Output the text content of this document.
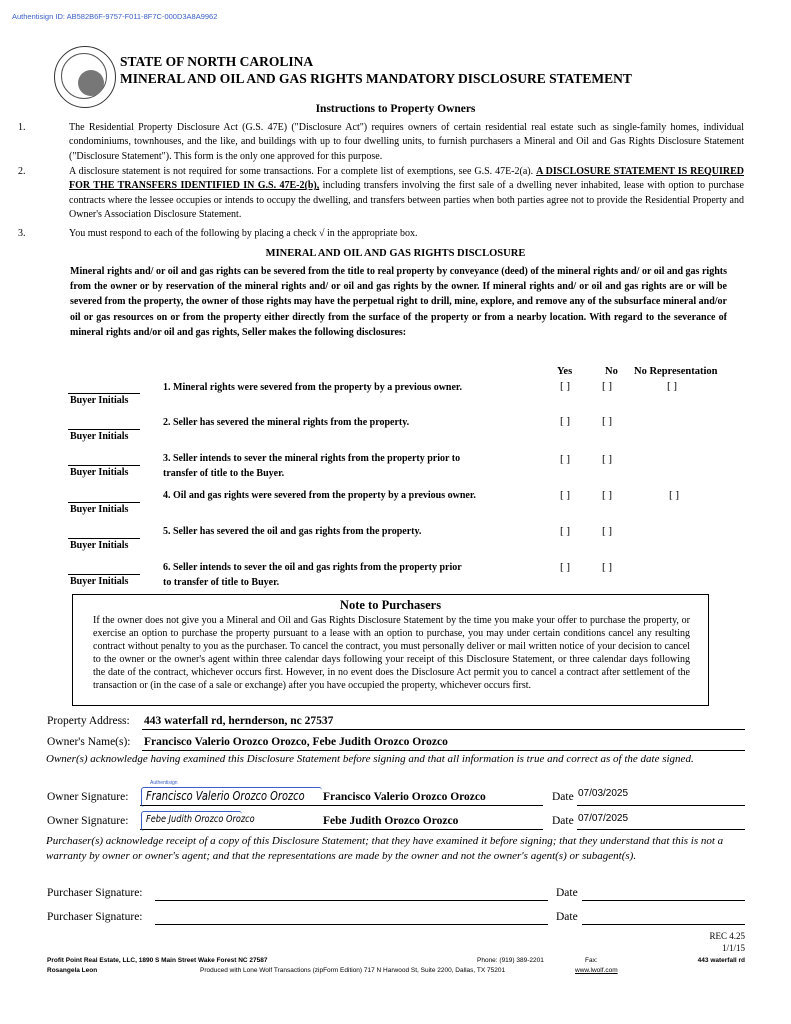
Authentisign ID: AB582B6F-9757-F011-8F7C-000D3A8A9962
STATE OF NORTH CAROLINA
MINERAL AND OIL AND GAS RIGHTS MANDATORY DISCLOSURE STATEMENT
Instructions to Property Owners
1.	The Residential Property Disclosure Act (G.S. 47E) ("Disclosure Act") requires owners of certain residential real estate such as single-family homes, individual condominiums, townhouses, and the like, and buildings with up to four dwelling units, to furnish purchasers a Mineral and Oil and Gas Rights Disclosure Statement ("Disclosure Statement"). This form is the only one approved for this purpose.
2.	A disclosure statement is not required for some transactions. For a complete list of exemptions, see G.S. 47E-2(a). A DISCLOSURE STATEMENT IS REQUIRED FOR THE TRANSFERS IDENTIFIED IN G.S. 47E-2(b), including transfers involving the first sale of a dwelling never inhabited, lease with option to purchase contracts where the lessee occupies or intends to occupy the dwelling, and transfers between parties when both parties agree not to provide the Residential Property and Owner's Association Disclosure Statement.
3.	You must respond to each of the following by placing a check √ in the appropriate box.
MINERAL AND OIL AND GAS RIGHTS DISCLOSURE
Mineral rights and/ or oil and gas rights can be severed from the title to real property by conveyance (deed) of the mineral rights and/ or oil and gas rights from the owner or by reservation of the mineral rights and/ or oil and gas rights by the owner. If mineral rights and/ or oil and gas rights are or will be severed from the property, the owner of those rights may have the perpetual right to drill, mine, explore, and remove any of the subsurface mineral and/or oil or gas resources on or from the property either directly from the surface of the property or from a nearby location. With regard to the severance of mineral rights and/or oil and gas rights, Seller makes the following disclosures:
Yes	No No Representation
Buyer Initials
1. Mineral rights were severed from the property by a previous owner.	[ ]	[ ]	[ ]
Buyer Initials
2. Seller has severed the mineral rights from the property.	[ ]	[ ]
Buyer Initials
3. Seller intends to sever the mineral rights from the property prior to
transfer of title to the Buyer.
[ ]	[ ]
Buyer Initials
4. Oil and gas rights were severed from the property by a previous owner.	[ ]	[ ]	[ ]
Buyer Initials
5. Seller has severed the oil and gas rights from the property.	[ ]	[ ]
Buyer Initials
6. Seller intends to sever the oil and gas rights from the property prior
to transfer of title to Buyer.
[ ]	[ ]
Note to Purchasers
If the owner does not give you a Mineral and Oil and Gas Rights Disclosure Statement by the time you make your offer to purchase the property, or exercise an option to purchase the property pursuant to a lease with an option to purchase, you may under certain conditions cancel any resulting contract without penalty to you as the purchaser. To cancel the contract, you must personally deliver or mail written notice of your decision to cancel to the owner or the owner's agent within three calendar days following your receipt of this Disclosure Statement, or three calendar days following the date of the contract, whichever occurs first. However, in no event does the Disclosure Act permit you to cancel a contract after settlement of the transaction or (in the case of a sale or exchange) after you have occupied the property, whichever occurs first.
Property Address: 443 waterfall rd, hernderson, nc 27537
Owner's Name(s): Francisco Valerio Orozco Orozco, Febe Judith Orozco Orozco
Owner(s) acknowledge having examined this Disclosure Statement before signing and that all information is true and correct as of the date signed.
Owner Signature:
Authentisign
Francisco Valerio Orozco Orozco Francisco Valerio Orozco Orozco	Date 07/03/2025
Owner Signature: Febe Judith Orozco Orozco	Febe Judith Orozco Orozco	Date 07/07/2025
Purchaser(s) acknowledge receipt of a copy of this Disclosure Statement; that they have examined it before signing; that they understand that this is not a warranty by owner or owner's agent; and that the representations are made by the owner and not the owner's agent(s) or subagent(s).
Purchaser Signature:	Date
Purchaser Signature:	Date
REC 4.25
1/1/15
Profit Point Real Estate, LLC, 1890 S Main Street Wake Forest NC 27587	Phone: (919) 389-2201	Fax:	443 waterfall rd
Rosangela Leon	Produced with Lone Wolf Transactions (zipForm Edition) 717 N Harwood St, Suite 2200, Dallas, TX 75201	www.lwolf.com
